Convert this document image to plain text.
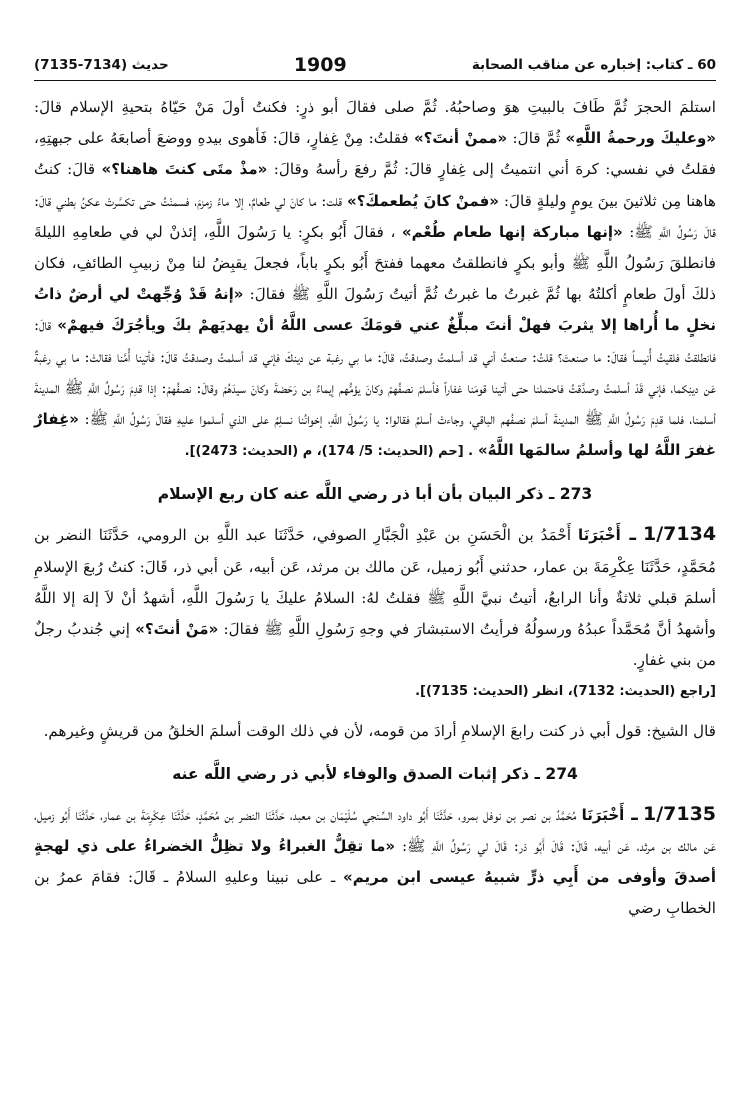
60 ـ كتاب: إخباره عن مناقب الصحابة
1909
حديث (7134-7135)

استلمَ الحجرَ ثُمَّ طَافَ بالبيتِ هوَ وصاحبُهُ. ثُمَّ صلى فقالَ أبو ذرٍ: فكنتُ أولَ مَنْ حَيّاهُ بتحيةِ الإسلام قالَ: «وعليكَ ورحمةُ اللَّهِ» ثُمَّ قالَ: «ممنْ أنتَ؟» فقلتُ: مِنْ غِفارٍ، قالَ: فَأهوى بيدهِ ووضعَ أصابعَهُ على جبهتِهِ، فقلتُ في نفسي: كرهَ أني انتميتُ إلى غِفارٍ قالَ: ثُمَّ رفعَ رأسهُ وقالَ: «مذْ متَى كنتَ هاهنا؟» قالَ: كنتُ هاهنا مِن ثلاثينَ بينَ يومٍ وليلةٍ قالَ: «فمنْ كانَ يُطعمكَ؟» قلت: ما كانَ لي طعامٌ، إلا ماءُ زمزمَ، فسمنْتُ حتى تكسَّرتْ عكنُ بطني قالَ: قالَ رَسُولُ اللَّهِ ﷺ: «إنها مباركة إنها طعام طُعْم» ، فقالَ أَبُو بكرٍ: يا رَسُولَ اللَّهِ، إئذنْ لي في طعامِهِ الليلةَ فانطلقَ رَسُولُ اللَّهِ ﷺ وأبو بكرٍ فانطلقتُ معهما ففتحَ أَبُو بكرٍ باباً، فجعلَ يقبِضُ لنا مِنْ زبيبِ الطائفِ، فكان ذلكَ أولَ طعامٍ أكلتُهُ بها ثُمَّ غبرتُ ما غبرتُ ثُمَّ أتيتُ رَسُولَ اللَّهِ ﷺ فقالَ: «إنهُ قَدْ وُجِّهتْ لي أرضٌ ذاتُ نخلٍ ما أُراها إلا يثربَ فهلْ أنتَ مبلِّغٌ عني قومَكَ عسى اللَّهُ أنْ يهديَهمْ بكَ ويأجُرَكَ فيهمْ» قالَ: فانطلقتُ فلقيتُ أُنيساً فقالَ: ما صنعتَ؟ قلتُ: صنعتُ أني قد أسلمتُ وصدقتُ، قالَ: ما بي رغبة عن دينكَ فإني قد أسلمتُ وصدقتُ قالَ: فأتينا أُمَّنا فقالتْ: ما بي رغبةٌ عَن دينِكما، فإني قَدْ أسلمتُ وصدَّقتُ فاحتملنا حتى أتينا قومَنا غفاراً فأسلمَ نصفُهمْ وكانَ يؤمُّهم إيماءُ بن رَحَضةَ وكانَ سيدَهُمْ وقالَ: نصفُهمْ: إذا قدِمَ رَسُولُ اللَّهِ ﷺ المدينةَ أسلمنا، فلما قدِمَ رَسُولُ اللَّهِ ﷺ المدينةَ أسلمَ نصفُهم الباقي، وجاءتْ أسلمُ فقالوا: يا رَسُولَ اللَّهِ، إخوانُنا نسلِمُ على الذي أسلموا عليهِ فقالَ رَسُولُ اللَّهِ ﷺ: «غِفارٌ غفرَ اللَّهُ لها وأسلمُ سالمَها اللَّهُ» . [حم (الحديث: 5/ 174)، م (الحديث: 2473)].

273 ـ ذكر البيان بأن أبا ذر رضي اللَّه عنه كان ربع الإسلام

1/7134 ـ أَخْبَرَنَا أَحْمَدُ بن الْحَسَنِ بن عَبْدِ الْجَبَّارِ الصوفي، حَدَّثَنَا عبد اللَّهِ بن الرومي، حَدَّثَنَا النضر بن مُحَمَّدٍ، حَدَّثَنَا عِكْرِمَةَ بن عمار، حدثني أَبُو زميل، عَن مالك بن مرثد، عَن أبيه، عَن أبي ذر، قَالَ: كنتُ رُبعَ الإسلامِ أسلمَ قبلي ثلاثةٌ وأنا الرابعُ، أتيتُ نبيَّ اللَّهِ ﷺ فقلتُ لهُ: السلامُ عليكَ يا رَسُولَ اللَّهِ، أشهدُ أنْ لاَ إلهَ إلا اللَّهُ وأشهدُ أنَّ مُحَمَّداً عبدُهُ ورسولُهُ فرأيتُ الاستبشارَ في وجهِ رَسُولِ اللَّهِ ﷺ فقالَ: «مَنْ أنتَ؟» إني جُندبُ رجلٌ من بني غفارٍ.
[راجع (الحديث: 7132)، انظر (الحديث: 7135)].

قال الشيخ: قول أبي ذر كنت رابعَ الإسلامِ أرادَ من قومه، لأن في ذلك الوقت أسلمَ الخلقُ من قريشٍ وغيرهم.

274 ـ ذكر إثبات الصدق والوفاء لأبي ذر رضي اللَّه عنه

1/7135 ـ أَخْبَرَنَا مُحَمَّدُ بن نصر بن نوفل بمرو، حَدَّثَنَا أَبُو داود السِّنجي سُلَيْمَان بن معبد، حَدَّثَنَا النضر بن مُحَمَّدٍ، حَدَّثَنَا عِكْرِمَةَ بن عمار، حَدَّثَنَا أَبُو زميل، عَن مالك بن مرثد، عَن أبيه، قَالَ: قَالَ أَبُو ذر: قَالَ لي رَسُولُ اللَّهِ ﷺ: «ما تقِلُّ الغبراءُ ولا تظِلُّ الخضراءُ على ذي لهجةٍ أصدقَ وأوفى من أَبِي ذرٍّ شبيهُ عيسى ابن مريم» ـ على نبينا وعليهِ السلامُ ـ قَالَ: فقامَ عمرُ بن الخطابِ رضي
